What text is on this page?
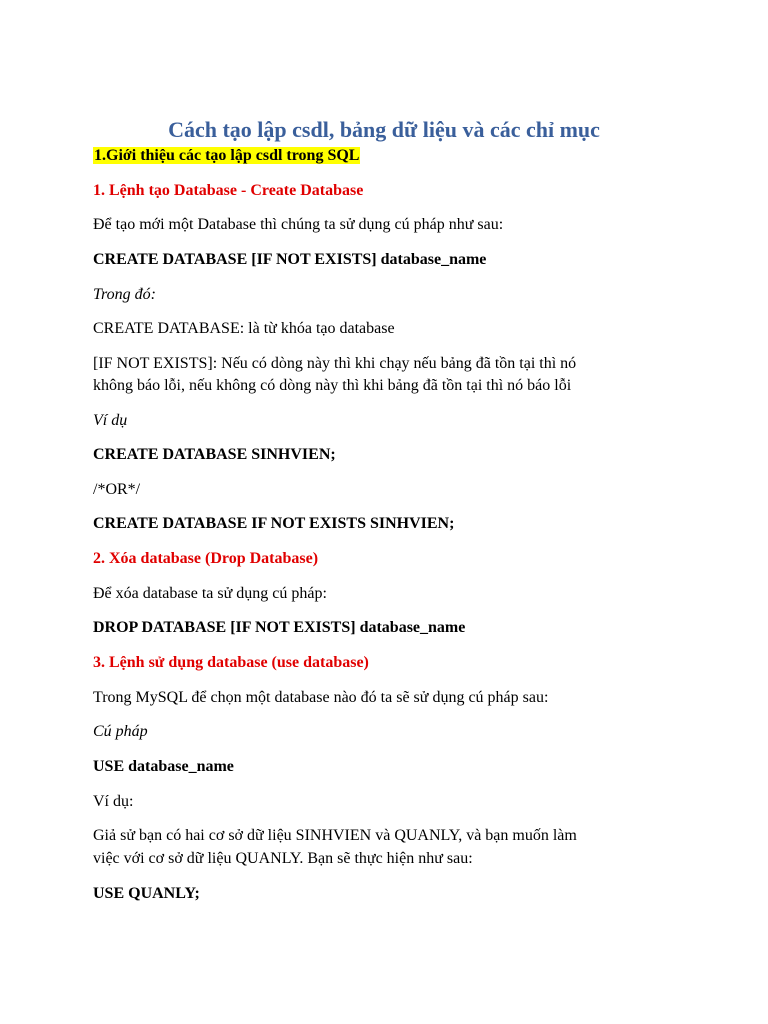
Cách tạo lập csdl, bảng dữ liệu và các chỉ mục
1.Giới thiệu các tạo lập csdl trong SQL
1. Lệnh tạo Database - Create Database
Để tạo mới một Database thì chúng ta sử dụng cú pháp như sau:
CREATE DATABASE [IF NOT EXISTS] database_name
Trong đó:
CREATE DATABASE: là từ khóa tạo database
[IF NOT EXISTS]: Nếu có dòng này thì khi chạy nếu bảng đã tồn tại thì nó
không báo lỗi, nếu không có dòng này thì khi bảng đã tồn tại thì nó báo lỗi
Ví dụ
CREATE DATABASE SINHVIEN;
/*OR*/
CREATE DATABASE IF NOT EXISTS SINHVIEN;
2. Xóa database (Drop Database)
Để xóa database ta sử dụng cú pháp:
DROP DATABASE [IF NOT EXISTS] database_name
3. Lệnh sử dụng database (use database)
Trong MySQL để chọn một database nào đó ta sẽ sử dụng cú pháp sau:
Cú pháp
USE database_name
Ví dụ:
Giả sử bạn có hai cơ sở dữ liệu SINHVIEN và QUANLY, và bạn muốn làm
việc với cơ sở dữ liệu QUANLY. Bạn sẽ thực hiện như sau:
USE QUANLY;
